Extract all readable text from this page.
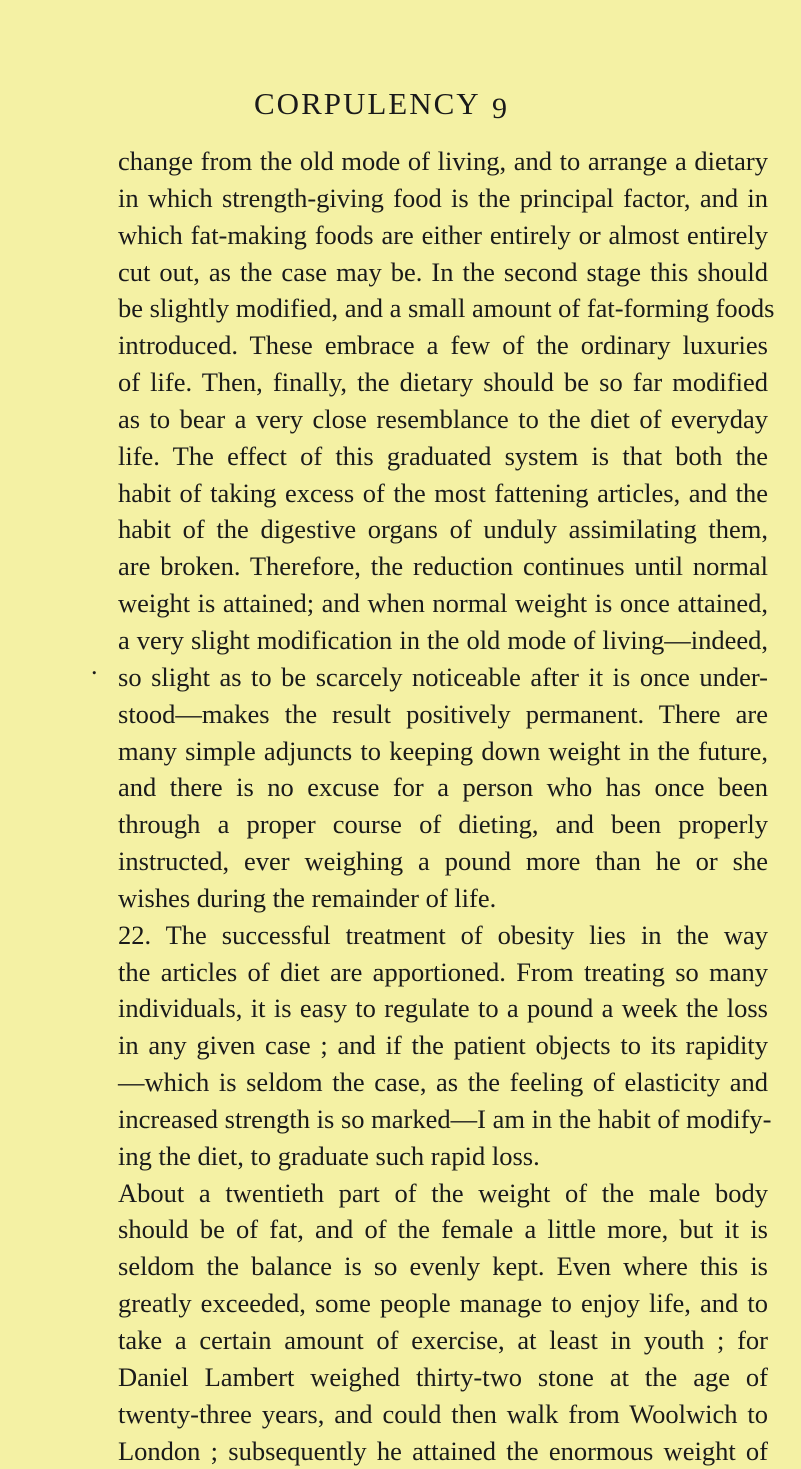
CORPULENCY 9
.
change from the old mode of living, and to arrange a dietary
in which strength-giving food is the principal factor, and in
which fat-making foods are either entirely or almost entirely
cut out, as the case may be. In the second stage this should
be slightly modified, and a small amount of fat-forming foods
introduced. These embrace a few of the ordinary luxuries
of life. Then, finally, the dietary should be so far modified
as to bear a very close resemblance to the diet of everyday
life. The effect of this graduated system is that both the
habit of taking excess of the most fattening articles, and the
habit of the digestive organs of unduly assimilating them,
are broken. Therefore, the reduction continues until normal
weight is attained; and when normal weight is once attained,
a very slight modification in the old mode of living—indeed,
so slight as to be scarcely noticeable after it is once under-
stood—makes the result positively permanent. There are
many simple adjuncts to keeping down weight in the future,
and there is no excuse for a person who has once been
through a proper course of dieting, and been properly
instructed, ever weighing a pound more than he or she
wishes during the remainder of life.
22. The successful treatment of obesity lies in the way
the articles of diet are apportioned. From treating so many
individuals, it is easy to regulate to a pound a week the loss
in any given case ; and if the patient objects to its rapidity
—which is seldom the case, as the feeling of elasticity and
increased strength is so marked—I am in the habit of modify-
ing the diet, to graduate such rapid loss.
About a twentieth part of the weight of the male body
should be of fat, and of the female a little more, but it is
seldom the balance is so evenly kept. Even where this is
greatly exceeded, some people manage to enjoy life, and to
take a certain amount of exercise, at least in youth ; for
Daniel Lambert weighed thirty-two stone at the age of
twenty-three years, and could then walk from Woolwich to
London ; subsequently he attained the enormous weight of
